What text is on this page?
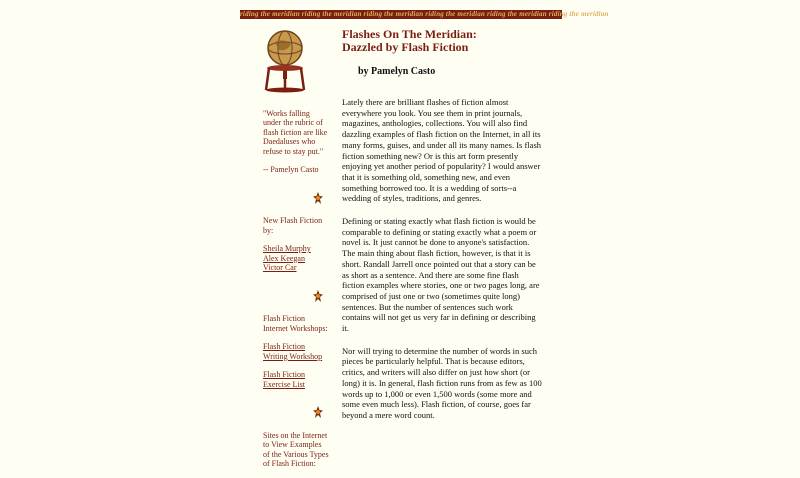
riding the meridian riding the meridian riding the meridian riding the meridian riding the meridian riding the meridian

"Works falling under the rubric of flash fiction are like Daedaluses who refuse to stay put."

-- Pamelyn Casto

New Flash Fiction by:
Sheila Murphy
Alex Keegan
Victor Car
Flash Fiction Internet Workshops:
Flash Fiction Writing Workshop
Flash Fiction Exercise List
Sites on the Internet to View Examples of the Various Types of Flash Fiction:
Flashes On The Meridian:
Dazzled by Flash Fiction
by Pamelyn Casto

Lately there are brilliant flashes of fiction almost everywhere you look. You see them in print journals, magazines, anthologies, collections. You will also find dazzling examples of flash fiction on the Internet, in all its many forms, guises, and under all its many names. Is flash fiction something new? Or is this art form presently enjoying yet another period of popularity? I would answer that it is something old, something new, and even something borrowed too. It is a wedding of sorts--a wedding of styles, traditions, and genres.

Defining or stating exactly what flash fiction is would be comparable to defining or stating exactly what a poem or novel is. It just cannot be done to anyone's satisfaction. The main thing about flash fiction, however, is that it is short. Randall Jarrell once pointed out that a story can be as short as a sentence. And there are some fine flash fiction examples where stories, one or two pages long, are comprised of just one or two (sometimes quite long) sentences. But the number of sentences such work contains will not get us very far in defining or describing it.

Nor will trying to determine the number of words in such pieces be particularly helpful. That is because editors, critics, and writers will also differ on just how short (or long) it is. In general, flash fiction runs from as few as 100 words up to 1,000 or even 1,500 words (some more and some even much less). Flash fiction, of course, goes far beyond a mere word count.
